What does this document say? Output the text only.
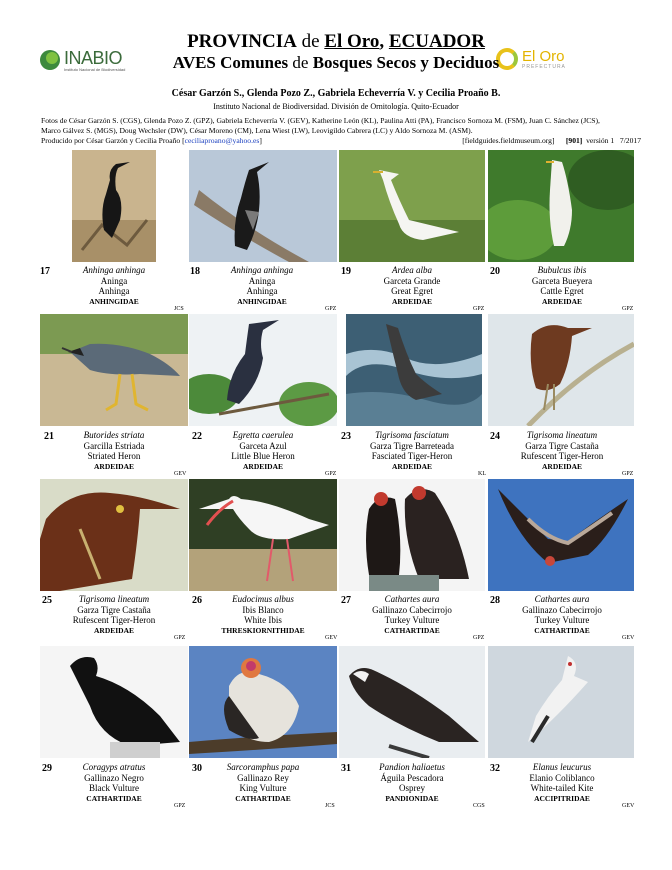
INABIO
Instituto Nacional de Biodiversidad
El Oro
PREFECTURA
PROVINCIA de El Oro, ECUADOR
AVES Comunes de Bosques Secos y Deciduos
César Garzón S., Glenda Pozo Z., Gabriela Echeverría V. y Cecilia Proaño B.
Instituto Nacional de Biodiversidad. División de Ornitología. Quito-Ecuador
Fotos de César Garzón S. (CGS), Glenda Pozo Z. (GPZ), Gabriela Echeverría V. (GEV), Katherine León (KL), Paulina Atti (PA), Francisco Sornoza M. (FSM), Juan C. Sánchez (JCS),
Marco Gálvez S. (MGS), Doug Wechsler (DW), César Moreno (CM), Lena Wiest (LW), Leovigildo Cabrera (LC) y Aldo Sornoza M. (ASM).
Producido por César Garzón y Cecilia Proaño [ceciliaproano@yahoo.es]	[fieldguides.fieldmuseum.org] [901] versión 1 7/2017
17	Anhinga anhinga
Aninga
Anhinga
ANHINGIDAE
JCS
18	Anhinga anhinga
Aninga
Anhinga
ANHINGIDAE
GPZ
19	Ardea alba
Garceta Grande
Great Egret
ARDEIDAE
GPZ
20	Bubulcus ibis
Garceta Bueyera
Cattle Egret
ARDEIDAE
GPZ
21	Butorides striata
Garcilla Estriada
Striated Heron
ARDEIDAE
GEV
22	Egretta caerulea
Garceta Azul
Little Blue Heron
ARDEIDAE
GPZ
23	Tigrisoma fasciatum
Garza Tigre Barreteada
Fasciated Tiger-Heron
ARDEIDAE
KL
24	Tigrisoma lineatum
Garza Tigre Castaña
Rufescent Tiger-Heron
ARDEIDAE
GPZ
25	Tigrisoma lineatum
Garza Tigre Castaña
Rufescent Tiger-Heron
ARDEIDAE
GPZ
26	Eudocimus albus
Ibis Blanco
White Ibis
THRESKIORNITHIDAE
GEV
27	Cathartes aura
Gallinazo Cabecirrojo
Turkey Vulture
CATHARTIDAE
GPZ
28	Cathartes aura
Gallinazo Cabecirrojo
Turkey Vulture
CATHARTIDAE
GEV
29	Coragyps atratus
Gallinazo Negro
Black Vulture
CATHARTIDAE
GPZ
30	Sarcoramphus papa
Gallinazo Rey
King Vulture
CATHARTIDAE
JCS
31	Pandion haliaetus
Águila Pescadora
Osprey
PANDIONIDAE
CGS
32	Elanus leucurus
Elanio Coliblanco
White-tailed Kite
ACCIPITRIDAE
GEV
